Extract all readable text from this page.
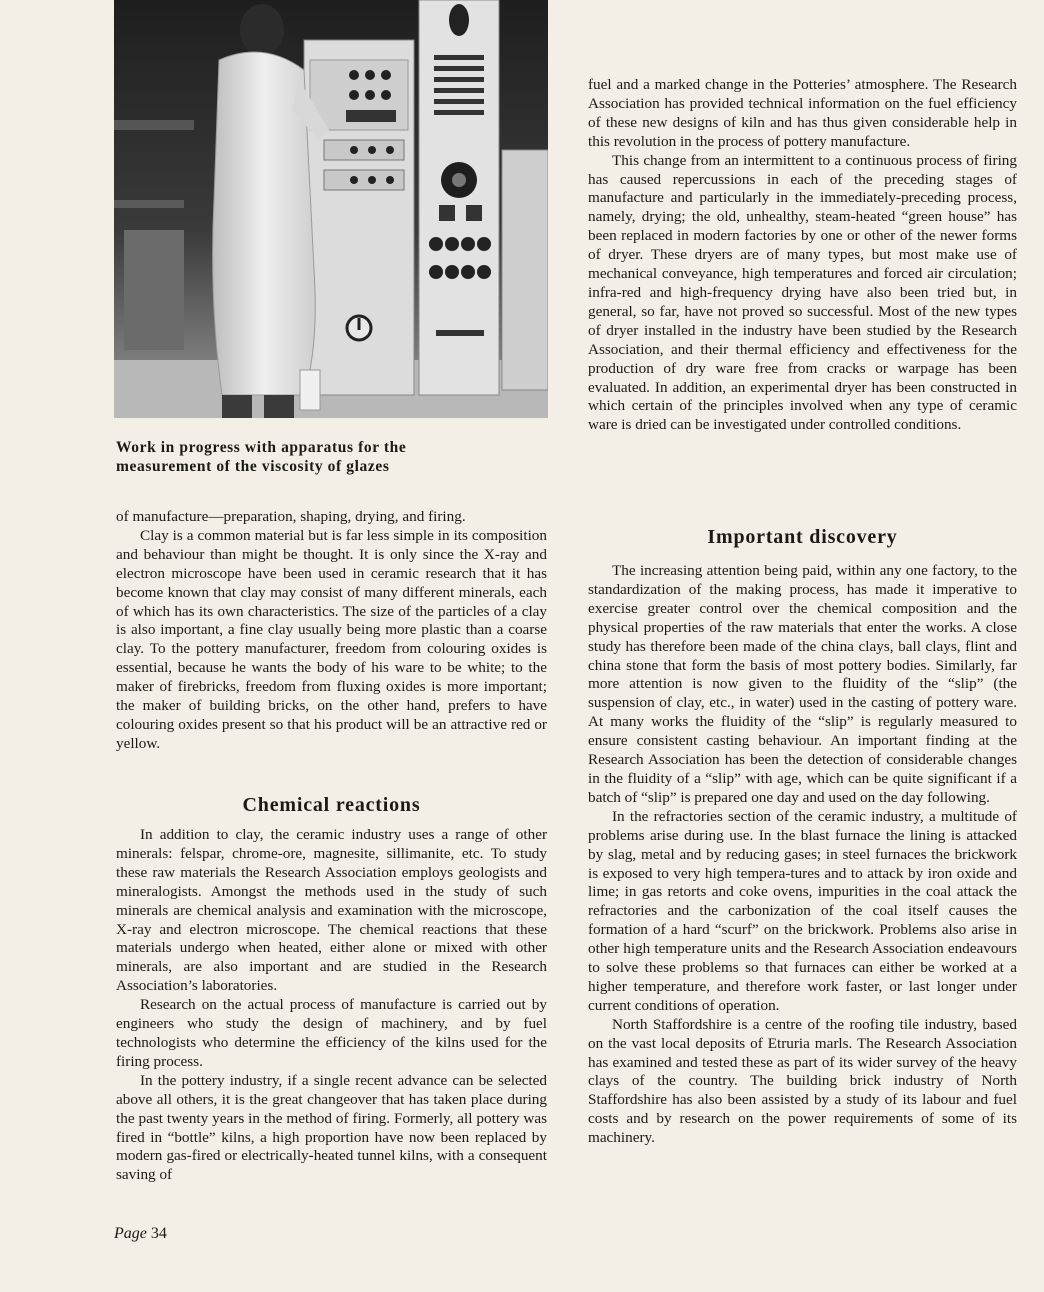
Work in progress with apparatus for the
measurement of the viscosity of glazes

of manufacture—preparation, shaping, drying, and firing.

Clay is a common material but is far less simple in its composition and behaviour than might be thought. It is only since the X-ray and electron microscope have been used in ceramic research that it has become known that clay may consist of many different minerals, each of which has its own characteristics. The size of the particles of a clay is also important, a fine clay usually being more plastic than a coarse clay. To the pottery manufacturer, freedom from colouring oxides is essential, because he wants the body of his ware to be white; to the maker of firebricks, freedom from fluxing oxides is more important; the maker of building bricks, on the other hand, prefers to have colouring oxides present so that his product will be an attractive red or yellow.

Chemical reactions

In addition to clay, the ceramic industry uses a range of other minerals: felspar, chrome-ore, magnesite, sillimanite, etc. To study these raw materials the Research Association employs geologists and mineralogists. Amongst the methods used in the study of such minerals are chemical analysis and examination with the microscope, X-ray and electron microscope. The chemical reactions that these materials undergo when heated, either alone or mixed with other minerals, are also important and are studied in the Research Association’s laboratories.

Research on the actual process of manufacture is carried out by engineers who study the design of machinery, and by fuel technologists who determine the efficiency of the kilns used for the firing process.

In the pottery industry, if a single recent advance can be selected above all others, it is the great changeover that has taken place during the past twenty years in the method of firing. Formerly, all pottery was fired in “bottle” kilns, a high proportion have now been replaced by modern gas-fired or electrically-heated tunnel kilns, with a consequent saving of

fuel and a marked change in the Potteries’ atmosphere. The Research Association has provided technical information on the fuel efficiency of these new designs of kiln and has thus given considerable help in this revolution in the process of pottery manufacture.

This change from an intermittent to a continuous process of firing has caused repercussions in each of the preceding stages of manufacture and particularly in the immediately-preceding process, namely, drying; the old, unhealthy, steam-heated “green house” has been replaced in modern factories by one or other of the newer forms of dryer. These dryers are of many types, but most make use of mechanical conveyance, high temperatures and forced air circulation; infra-red and high-frequency drying have also been tried but, in general, so far, have not proved so successful. Most of the new types of dryer installed in the industry have been studied by the Research Association, and their thermal efficiency and effectiveness for the production of dry ware free from cracks or warpage has been evaluated. In addition, an experimental dryer has been constructed in which certain of the principles involved when any type of ceramic ware is dried can be investigated under controlled conditions.

Important discovery

The increasing attention being paid, within any one factory, to the standardization of the making process, has made it imperative to exercise greater control over the chemical composition and the physical properties of the raw materials that enter the works. A close study has therefore been made of the china clays, ball clays, flint and china stone that form the basis of most pottery bodies. Similarly, far more attention is now given to the fluidity of the “slip” (the suspension of clay, etc., in water) used in the casting of pottery ware. At many works the fluidity of the “slip” is regularly measured to ensure consistent casting behaviour. An important finding at the Research Association has been the detection of considerable changes in the fluidity of a “slip” with age, which can be quite significant if a batch of “slip” is prepared one day and used on the day following.

In the refractories section of the ceramic industry, a multitude of problems arise during use. In the blast furnace the lining is attacked by slag, metal and by reducing gases; in steel furnaces the brickwork is exposed to very high tempera-tures and to attack by iron oxide and lime; in gas retorts and coke ovens, impurities in the coal attack the refractories and the carbonization of the coal itself causes the formation of a hard “scurf” on the brickwork. Problems also arise in other high temperature units and the Research Association endeavours to solve these problems so that furnaces can either be worked at a higher temperature, and therefore work faster, or last longer under current conditions of operation.

North Staffordshire is a centre of the roofing tile industry, based on the vast local deposits of Etruria marls. The Research Association has examined and tested these as part of its wider survey of the heavy clays of the country. The building brick industry of North Staffordshire has also been assisted by a study of its labour and fuel costs and by research on the power requirements of some of its machinery.

Page 34
